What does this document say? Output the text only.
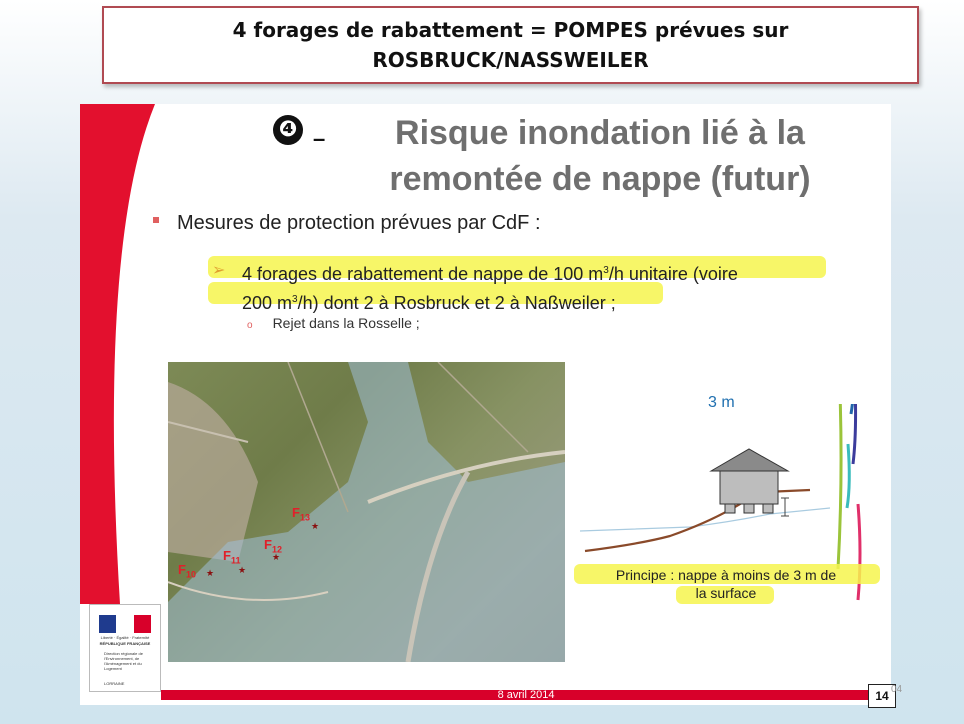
4 forages de rabattement = POMPES prévues sur
ROSBRUCK/NASSWEILER
❹ –	Risque inondation lié à la
remontée de nappe (futur)
Mesures de protection prévues par CdF :
➢ 4 forages de rabattement de nappe de 100 $m^3/h$ unitaire (voire
200 $m^3/h$) dont 2 à Rosbruck et 2 à Naßweiler ;
o Rejet dans la Rosselle ;
$F_{13}$
★
$F_{12}$
★
$F_{11}$
★
$F_{10}$ ★
8 avril 2014
Liberté · Égalité · Fraternité
RÉPUBLIQUE FRANÇAISE
Direction régionale de l'Environnement, de l'Aménagement et du Logement
LORRAINE
3 m
Principe : nappe à moins de 3 m de
la surface
14 04
